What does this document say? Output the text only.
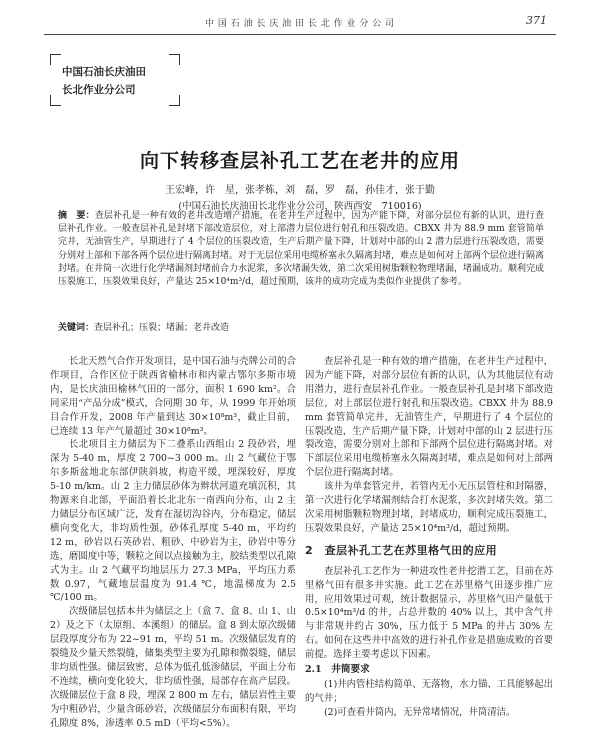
中 国 石 油 长 庆 油 田 长 北 作 业 分 公 司	371
中国石油长庆油田
长北作业分公司
向下转移查层补孔工艺在老井的应用
王宏峰，许　星，张孝栋，刘　磊，罗　磊，孙佳才，张于勤
(中国石油长庆油田长北作业分公司，陕西西安　710016)
摘　要：查层补孔是一种有效的老井改造增产措施，在老井生产过程中，因为产能下降，对部分层位有新的认识，进行查层补孔作业。一般查层补孔是封堵下部改造层位，对上部潜力层位进行射孔和压裂改造。CBXX 井为 88.9 mm 套管简单完井，无油管生产，早期进行了 4 个层位的压裂改造，生产后期产量下降，计划对中部的山 2 潜力层进行压裂改造，需要分别对上部和下部各两个层位进行隔离封堵。对于无层位采用电缆桥塞永久隔离封堵，难点是如何对上部两个层位进行隔离封堵。在井筒一次进行化学堵漏剂封堵前合力水泥浆，多次堵漏失效，第二次采用树脂颗粒物理堵漏，堵漏成功。顺利完成压裂施工，压裂效果良好，产量达 25×10⁴m³/d，超过预期，该井的成功完成为类似作业提供了参考。
关键词：查层补孔；压裂；堵漏；老井改造

长北天然气合作开发项目，是中国石油与壳牌公司的合作项目，合作区位于陕西省榆林市和内蒙古鄂尔多斯市境内，是长庆油田榆林气田的一部分，面积 1 690 km²。合同采用“产品分成”模式，合同期 30 年，从 1999 年开始项目合作开发，2008 年产量到达 30×10⁸m³，截止目前，已连续 13 年产气量超过 30×10⁸m³。

长北项目主力储层为下二叠系山西组山 2 段砂岩，埋深为 5-40 m，厚度 2 700~3 000 m。山 2 气藏位于鄂尔多斯盆地北东部伊陕斜坡，构造平缓，埋深较好，厚度 5-10 m/km。山 2 主力储层砂体为辫状河道充填沉积，其物源来自北部，平面沿着长北北东一南西向分布，山 2 主力储层分布区域广泛，发育在湿切沟谷内，分布稳定，储层横向变化大，非均质性强，砂体孔厚度 5-40 m，平均约 12 m，砂岩以石英砂岩、粗砂、中砂岩为主，砂岩中等分选，磨圆度中等，颗粒之间以点接触为主，胶结类型以孔隙式为主。山 2 气藏平均地层压力 27.3 MPa，平均压力系数 0.97，气藏地层温度为 91.4 ℃，地温梯度为 2.5 ℃/100 m。

次级储层包括本井为储层之上（盒 7、盒 8、山 1、山 2）及之下（太原组、本溪组）的储层。盒 8 到太原次级储层段厚度分布为 22~91 m，平均 51 m。次级储层发育的裂缝及少量天然裂缝，储集类型主要为孔隙和微裂缝，储层非均质性强。储层致密，总体为低孔低渗储层，平面上分布不连续，横向变化较大，非均质性强，局部存在高产层段。次级储层位于盒 8 段，埋深 2 800 m 左右，储层岩性主要为中粗砂岩，少量含砾砂岩，次级储层分布面积有限，平均孔隙度 8%，渗透率 0.5 mD（平均<5%）。

查层补孔是一种有效的增产措施，在老井生产过程中，因为产能下降，对部分层位有新的认识，认为其他层位有动用潜力，进行查层补孔作业。一般查层补孔是封堵下部改造层位，对上部层位进行射孔和压裂改造。CBXX 井为 88.9 mm 套管简单完井，无油管生产，早期进行了 4 个层位的压裂改造，生产后期产量下降，计划对中部的山 2 层进行压裂改造，需要分别对上部和下部两个层位进行隔离封堵。对下部层位采用电缆桥塞永久隔离封堵，难点是如何对上部两个层位进行隔离封堵。

该井为单套管完井，若管内无小无压层管柱和封隔器，第一次进行化学堵漏剂结合打水泥浆，多次封堵失效。第二次采用树脂颗粒物理封堵，封堵成功，顺利完成压裂施工，压裂效果良好，产量达 25×10⁴m³/d，超过预期。

2　查层补孔工艺在苏里格气田的应用

查层补孔工艺作为一种进攻性老井挖潜工艺，目前在苏里格气田有很多井实施。此工艺在苏里格气田逐步推广应用，应用效果过可观，统计数据显示，苏里格气田产量低于 0.5×10⁴m³/d 的井，占总井数的 40% 以上，其中含气井与非常规井约占 30%，压力低于 5 MPa 的井占 30% 左右。如何在这些井中高效的进行补孔作业是措施成败的首要前提。选择主要考虑以下因素。

2.1　井筒要求

(1)井内管柱结构简单、无落物，水力锚、工具能够起出的气井；

(2)可查看井筒内，无异常堵情况，井筒清洁。
